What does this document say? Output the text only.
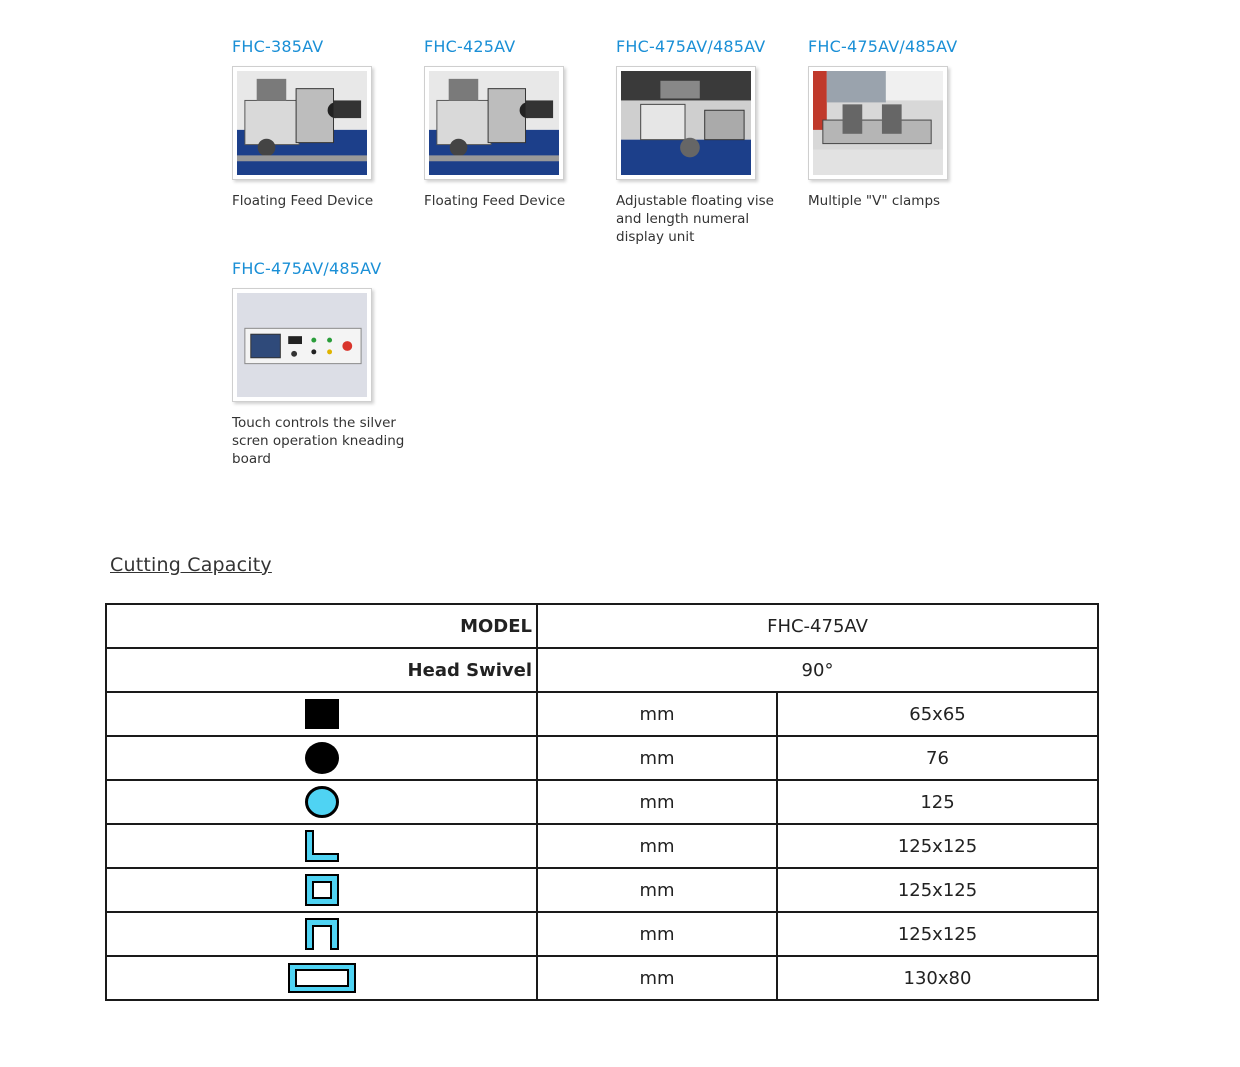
FHC-385AV
Floating Feed Device
FHC-425AV
Floating Feed Device
FHC-475AV/485AV
Adjustable floating vise
and length numeral
display unit
FHC-475AV/485AV
Multiple "V" clamps
FHC-475AV/485AV
Touch controls the silver
scren operation kneading
board
Cutting Capacity
MODEL	FHC-475AV	
Head Swivel	90°	
	mm	65x65
	mm	76
	mm	125
	mm	125x125
	mm	125x125
	mm	125x125
	mm	130x80
